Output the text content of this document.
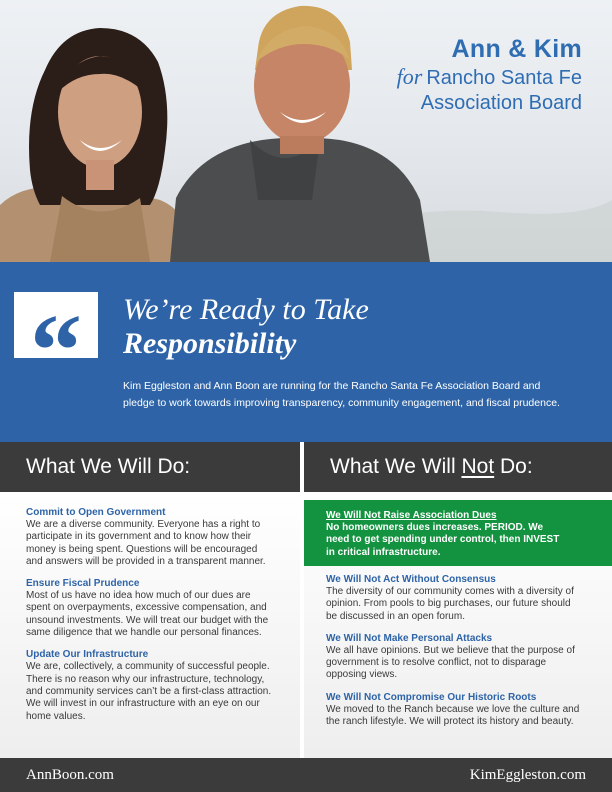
Ann & Kim
for Rancho Santa Fe
Association Board
“	We’re Ready to Take
Responsibility
Kim Eggleston and Ann Boon are running for the Rancho Santa Fe Association Board and
pledge to work towards improving transparency, community engagement, and fiscal prudence.
What We Will Do:	What We Will Not Do:
Commit to Open Government
We are a diverse community. Everyone has a right to
participate in its government and to know how their
money is being spent. Questions will be encouraged
and answers will be provided in a transparent manner.
Ensure Fiscal Prudence
Most of us have no idea how much of our dues are
spent on overpayments, excessive compensation, and
unsound investments. We will treat our budget with the
same diligence that we handle our personal finances.
Update Our Infrastructure
We are, collectively, a community of successful people.
There is no reason why our infrastructure, technology,
and community services can’t be a first-class attraction.
We will invest in our infrastructure with an eye on our
home values.
We Will Not Raise Association Dues
No homeowners dues increases. PERIOD. We
need to get spending under control, then INVEST
in critical infrastructure.
We Will Not Act Without Consensus
The diversity of our community comes with a diversity of
opinion. From pools to big purchases, our future should
be discussed in an open forum.
We Will Not Make Personal Attacks
We all have opinions. But we believe that the purpose of
government is to resolve conflict, not to disparage
opposing views.
We Will Not Compromise Our Historic Roots
We moved to the Ranch because we love the culture and
the ranch lifestyle. We will protect its history and beauty.
AnnBoon.com	KimEggleston.com
